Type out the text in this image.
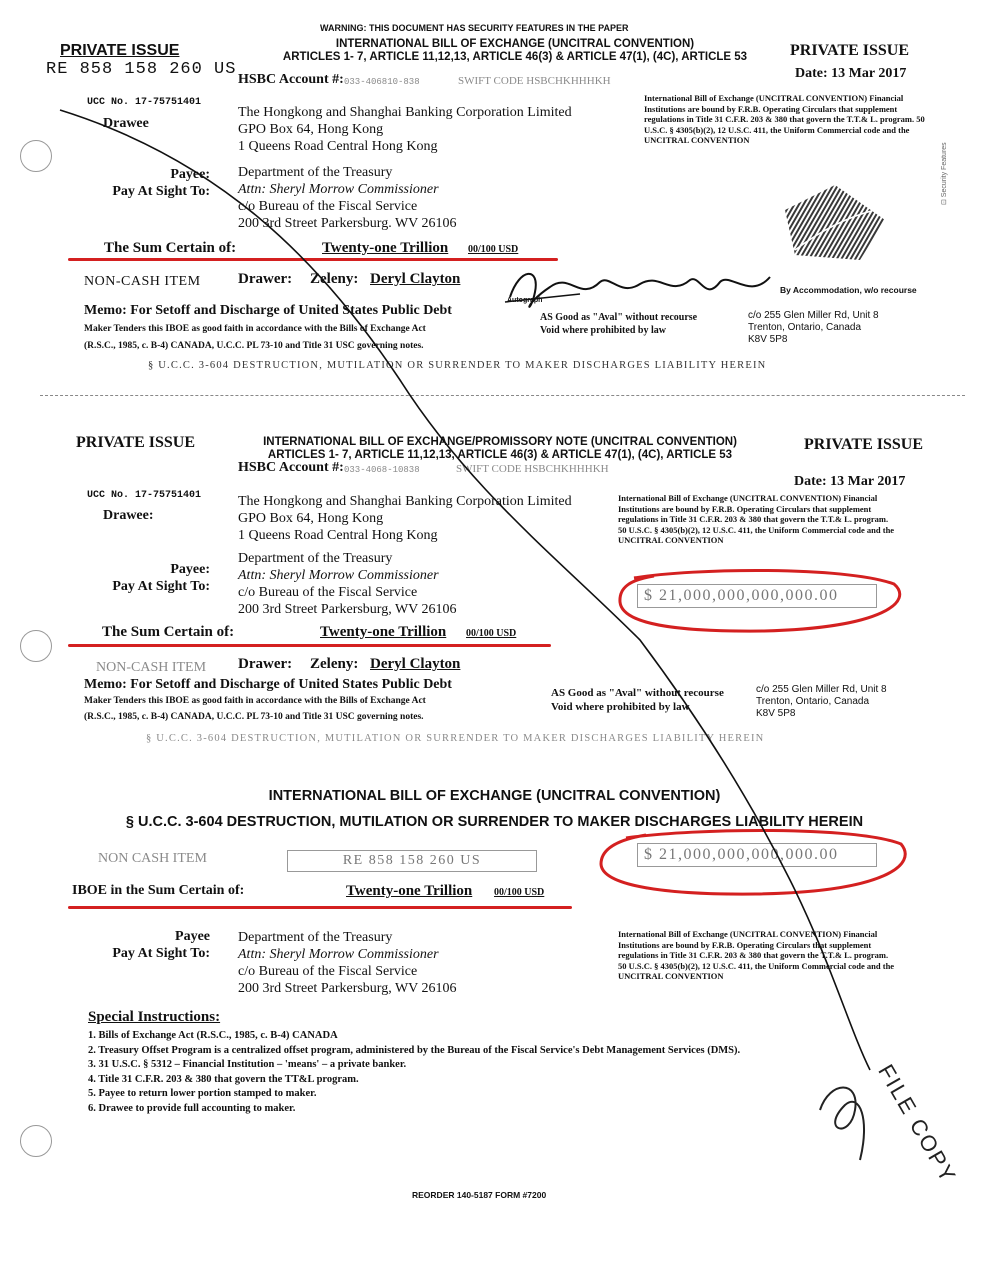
WARNING: THIS DOCUMENT HAS SECURITY FEATURES IN THE PAPER
PRIVATE ISSUE
RE 858 158 260 US
INTERNATIONAL BILL OF EXCHANGE (UNCITRAL CONVENTION)
ARTICLES 1- 7, ARTICLE 11,12,13, ARTICLE 46(3) & ARTICLE 47(1), (4C), ARTICLE 53	PRIVATE ISSUE
Date: 13 Mar 2017
HSBC Account #: 033-406810-838	SWIFT CODE HSBCHKHHHKH
UCC No. 17-75751401
Drawee
The Hongkong and Shanghai Banking Corporation Limited
GPO Box 64, Hong Kong
1 Queens Road Central Hong Kong
International Bill of Exchange (UNCITRAL CONVENTION) Financial Institutions are bound by F.R.B. Operating Circulars that supplement regulations in Title 31 C.F.R. 203 & 380 that govern the T.T.& L. program. 50 U.S.C. § 4305(b)(2), 12 U.S.C. 411, the Uniform Commercial code and the UNCITRAL CONVENTION
Payee:
Pay At Sight To:
Department of the Treasury
Attn: Sheryl Morrow Commissioner
c/o Bureau of the Fiscal Service
200 3rd Street Parkersburg. WV 26106
The Sum Certain of:	Twenty-one Trillion 00/100 USD
⊡ Security Features
NON-CASH ITEM Drawer: Zeleny: Deryl Clayton
Autograph
By Accommodation, w/o recourse
Memo: For Setoff and Discharge of United States Public Debt
Maker Tenders this IBOE as good faith in accordance with the Bills of Exchange Act
(R.S.C., 1985, c. B-4) CANADA, U.C.C. PL 73-10 and Title 31 USC governing notes.
AS Good as "Aval" without recourse
Void where prohibited by law
c/o 255 Glen Miller Rd, Unit 8
Trenton, Ontario, Canada
K8V 5P8
§ U.C.C. 3-604 DESTRUCTION, MUTILATION OR SURRENDER TO MAKER DISCHARGES LIABILITY HEREIN
PRIVATE ISSUE	INTERNATIONAL BILL OF EXCHANGE/PROMISSORY NOTE (UNCITRAL CONVENTION)
ARTICLES 1- 7, ARTICLE 11,12,13, ARTICLE 46(3) & ARTICLE 47(1), (4C), ARTICLE 53
PRIVATE ISSUE
HSBC Account #: 033-4068-10838	SWIFT CODE HSBCHKHHHKH
Date: 13 Mar 2017
UCC No. 17-75751401
Drawee:
The Hongkong and Shanghai Banking Corporation Limited
GPO Box 64, Hong Kong
1 Queens Road Central Hong Kong
International Bill of Exchange (UNCITRAL CONVENTION) Financial Institutions are bound by F.R.B. Operating Circulars that supplement regulations in Title 31 C.F.R. 203 & 380 that govern the T.T.& L. program. 50 U.S.C. § 4305(b)(2), 12 U.S.C. 411, the Uniform Commercial code and the UNCITRAL CONVENTION
$ 21,000,000,000,000.00
Payee:
Pay At Sight To:
Department of the Treasury
Attn: Sheryl Morrow Commissioner
c/o Bureau of the Fiscal Service
200 3rd Street Parkersburg, WV 26106
The Sum Certain of:	Twenty-one Trillion 00/100 USD
NON-CASH ITEM Drawer: Zeleny: Deryl Clayton
Memo: For Setoff and Discharge of United States Public Debt
Maker Tenders this IBOE as good faith in accordance with the Bills of Exchange Act
(R.S.C., 1985, c. B-4) CANADA, U.C.C. PL 73-10 and Title 31 USC governing notes.
AS Good as "Aval" without recourse
Void where prohibited by law
c/o 255 Glen Miller Rd, Unit 8
Trenton, Ontario, Canada
K8V 5P8
§ U.C.C. 3-604 DESTRUCTION, MUTILATION OR SURRENDER TO MAKER DISCHARGES LIABILITY HEREIN
INTERNATIONAL BILL OF EXCHANGE (UNCITRAL CONVENTION)
§ U.C.C. 3-604 DESTRUCTION, MUTILATION OR SURRENDER TO MAKER DISCHARGES LIABILITY HEREIN
NON CASH ITEM	RE 858 158 260 US	$ 21,000,000,000,000.00
IBOE in the Sum Certain of:	Twenty-one Trillion 00/100 USD
Payee
Pay At Sight To:
Department of the Treasury
Attn: Sheryl Morrow Commissioner
c/o Bureau of the Fiscal Service
200 3rd Street Parkersburg, WV 26106
International Bill of Exchange (UNCITRAL CONVENTION) Financial Institutions are bound by F.R.B. Operating Circulars that supplement regulations in Title 31 C.F.R. 203 & 380 that govern the T.T.& L. program. 50 U.S.C. § 4305(b)(2), 12 U.S.C. 411, the Uniform Commercial code and the UNCITRAL CONVENTION
Special Instructions:
1. Bills of Exchange Act (R.S.C., 1985, c. B-4) CANADA
2. Treasury Offset Program is a centralized offset program, administered by the Bureau of the Fiscal Service's Debt Management Services (DMS).
3. 31 U.S.C. § 5312 – Financial Institution – 'means' – a private banker.
4. Title 31 C.F.R. 203 & 380 that govern the TT&L program.
5. Payee to return lower portion stamped to maker.
6. Drawee to provide full accounting to maker.	FILE COPY
REORDER 140-5187 FORM #7200
